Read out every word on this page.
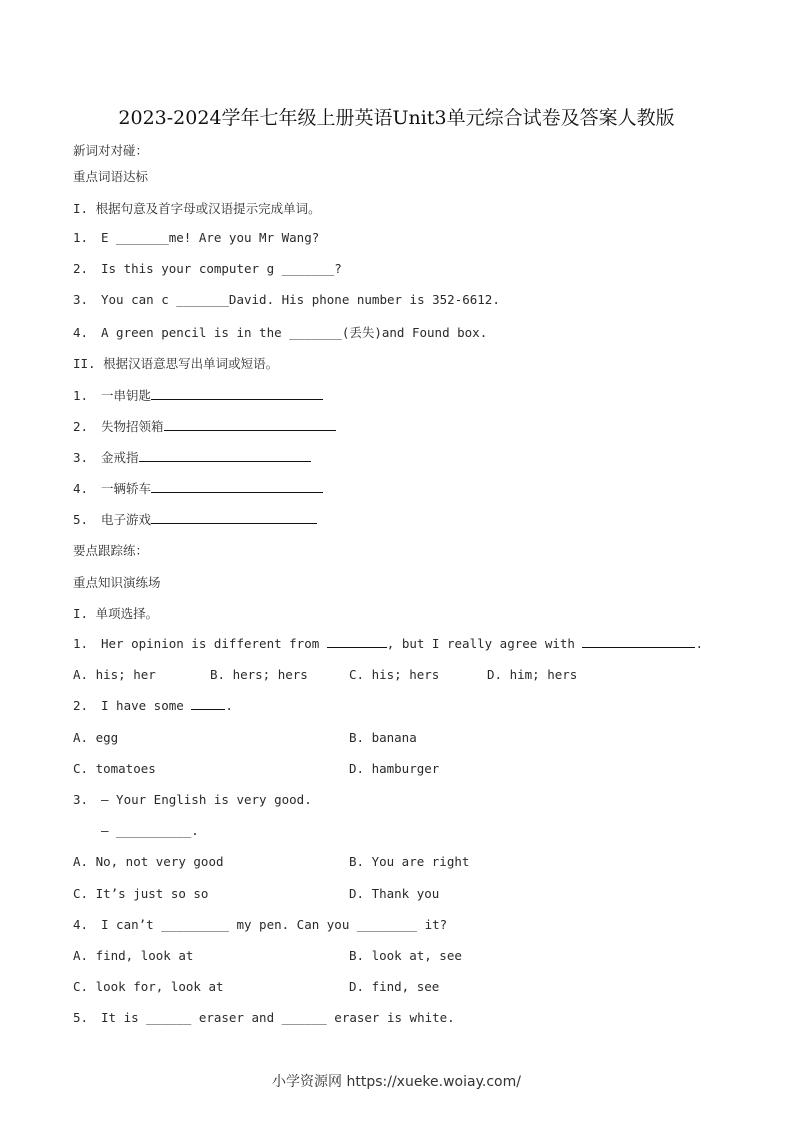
2023-2024学年七年级上册英语Unit3单元综合试卷及答案人教版
新词对对碰：
重点词语达标
I. 根据句意及首字母或汉语提示完成单词。
1. E _______me! Are you Mr Wang?
2. Is this your computer g _______?
3. You can c _______David. His phone number is 352-6612.
4. A green pencil is in the _______(丢失)and Found box.
II. 根据汉语意思写出单词或短语。
1. 一串钥匙
2. 失物招领箱
3. 金戒指
4. 一辆轿车
5. 电子游戏
要点跟踪练：
重点知识演练场
I. 单项选择。
1. Her opinion is different from	, but I really agree with	.
A. his; her	B. hers; hers	C. his; hers	D. him; hers
2. I have some	.
A. egg	B. banana
C. tomatoes	D. hamburger
3. — Your English is very good.
— __________.
A. No, not very good	B. You are right
C. It’s just so so	D. Thank you
4. I can’t _________ my pen. Can you ________ it?
A. find, look at	B. look at, see
C. look for, look at	D. find, see
5. It is ______ eraser and ______ eraser is white.
小学资源网 https://xueke.woiay.com/
